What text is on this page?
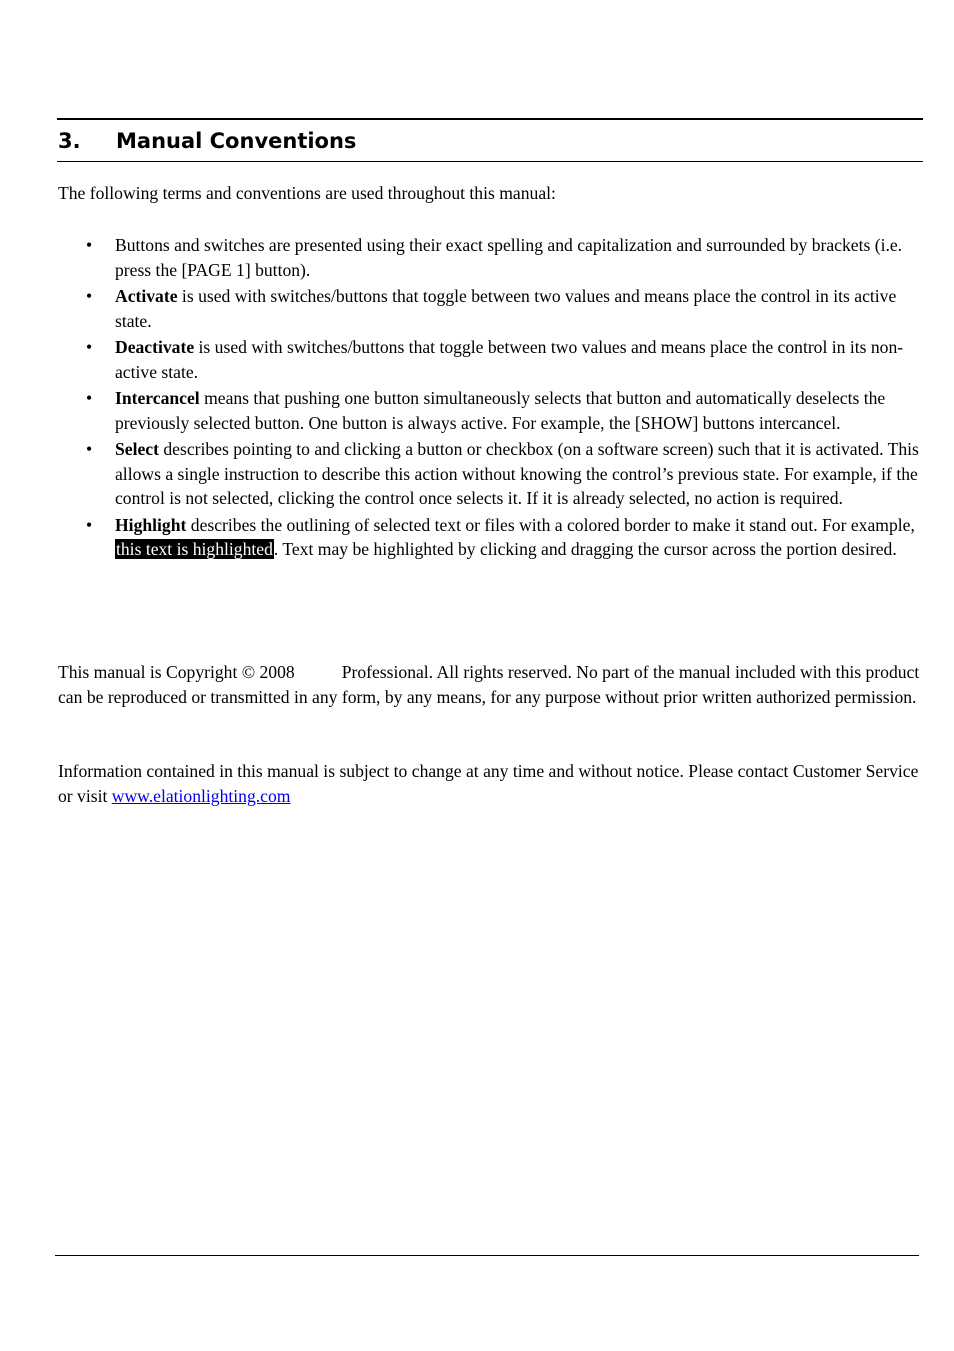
3. Manual Conventions
The following terms and conventions are used throughout this manual:
• Buttons and switches are presented using their exact spelling and capitalization and surrounded by brackets (i.e. press the [PAGE 1] button).
• Activate is used with switches/buttons that toggle between two values and means place the control in its active state.
• Deactivate is used with switches/buttons that toggle between two values and means place the control in its non-active state.
• Intercancel means that pushing one button simultaneously selects that button and automatically deselects the previously selected button. One button is always active. For example, the [SHOW] buttons intercancel.
• Select describes pointing to and clicking a button or checkbox (on a software screen) such that it is activated. This allows a single instruction to describe this action without knowing the control’s previous state. For example, if the control is not selected, clicking the control once selects it. If it is already selected, no action is required.
• Highlight describes the outlining of selected text or files with a colored border to make it stand out. For example, this text is highlighted. Text may be highlighted by clicking and dragging the cursor across the portion desired.
This manual is Copyright © 2008	Professional. All rights reserved. No part of the manual included with this product can be reproduced or transmitted in any form, by any means, for any purpose without prior written authorized permission.
Information contained in this manual is subject to change at any time and without notice. Please contact Customer Service or visit www.elationlighting.com
